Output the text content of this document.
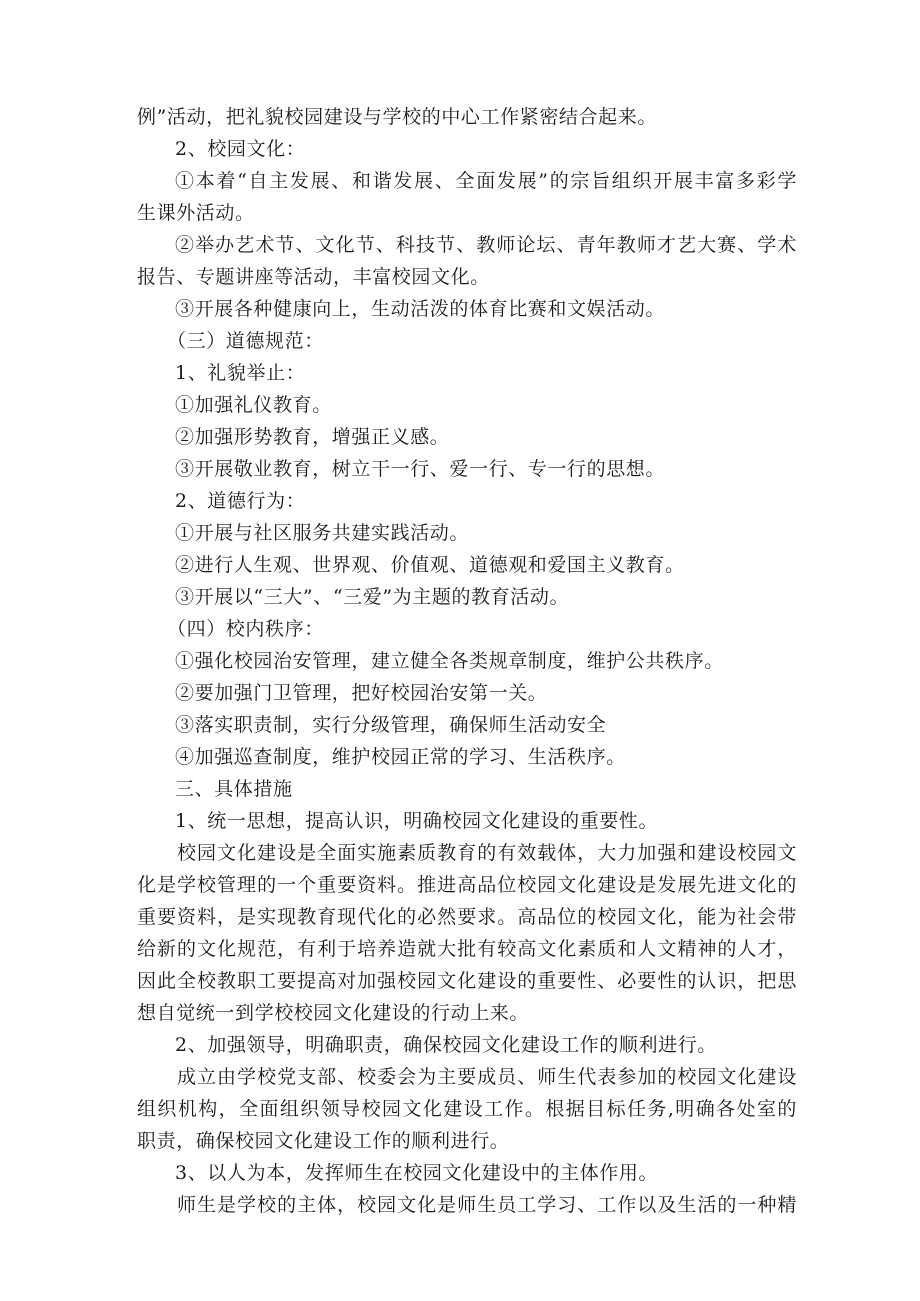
例”活动，把礼貌校园建设与学校的中心工作紧密结合起来。
2、校园文化：
①本着“自主发展、和谐发展、全面发展”的宗旨组织开展丰富多彩学
生课外活动。
②举办艺术节、文化节、科技节、教师论坛、青年教师才艺大赛、学术
报告、专题讲座等活动，丰富校园文化。
③开展各种健康向上，生动活泼的体育比赛和文娱活动。
（三）道德规范：
1、礼貌举止：
①加强礼仪教育。
②加强形势教育，增强正义感。
③开展敬业教育，树立干一行、爱一行、专一行的思想。
2、道德行为：
①开展与社区服务共建实践活动。
②进行人生观、世界观、价值观、道德观和爱国主义教育。
③开展以“三大”、“三爱”为主题的教育活动。
（四）校内秩序：
①强化校园治安管理，建立健全各类规章制度，维护公共秩序。
②要加强门卫管理，把好校园治安第一关。
③落实职责制，实行分级管理，确保师生活动安全
④加强巡查制度，维护校园正常的学习、生活秩序。
三、具体措施
1、统一思想，提高认识，明确校园文化建设的重要性。
校园文化建设是全面实施素质教育的有效载体，大力加强和建设校园文
化是学校管理的一个重要资料。推进高品位校园文化建设是发展先进文化的
重要资料，是实现教育现代化的必然要求。高品位的校园文化，能为社会带
给新的文化规范，有利于培养造就大批有较高文化素质和人文精神的人才，
因此全校教职工要提高对加强校园文化建设的重要性、必要性的认识，把思
想自觉统一到学校校园文化建设的行动上来。
2、加强领导，明确职责，确保校园文化建设工作的顺利进行。
成立由学校党支部、校委会为主要成员、师生代表参加的校园文化建设
组织机构，全面组织领导校园文化建设工作。根据目标任务,明确各处室的
职责，确保校园文化建设工作的顺利进行。
3、以人为本，发挥师生在校园文化建设中的主体作用。
师生是学校的主体，校园文化是师生员工学习、工作以及生活的一种精
